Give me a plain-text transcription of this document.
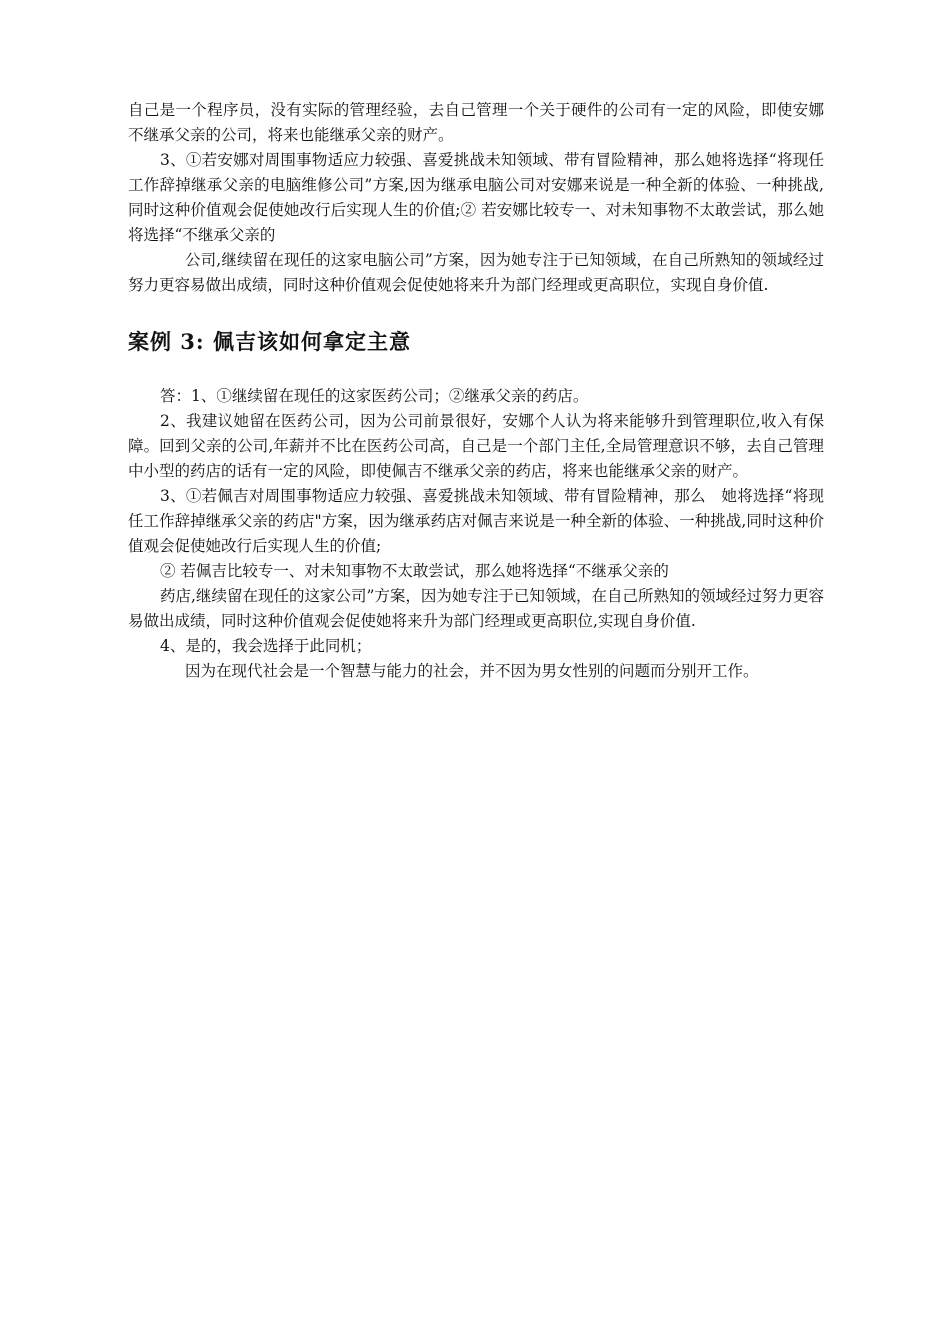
自己是一个程序员，没有实际的管理经验，去自己管理一个关于硬件的公司有一定的风险，即使安娜不继承父亲的公司，将来也能继承父亲的财产。

3、①若安娜对周围事物适应力较强、喜爱挑战未知领域、带有冒险精神，那么她将选择“将现任工作辞掉继承父亲的电脑维修公司”方案,因为继承电脑公司对安娜来说是一种全新的体验、一种挑战,同时这种价值观会促使她改行后实现人生的价值;② 若安娜比较专一、对未知事物不太敢尝试，那么她将选择“不继承父亲的

公司,继续留在现任的这家电脑公司”方案，因为她专注于已知领域，在自己所熟知的领域经过努力更容易做出成绩，同时这种价值观会促使她将来升为部门经理或更高职位，实现自身价值.

案例 3: 佩吉该如何拿定主意

答：1、①继续留在现任的这家医药公司；②继承父亲的药店。

2、我建议她留在医药公司，因为公司前景很好，安娜个人认为将来能够升到管理职位,收入有保障。回到父亲的公司,年薪并不比在医药公司高，自己是一个部门主任,全局管理意识不够，去自己管理中小型的药店的话有一定的风险，即使佩吉不继承父亲的药店，将来也能继承父亲的财产。

3、①若佩吉对周围事物适应力较强、喜爱挑战未知领域、带有冒险精神，那么　她将选择“将现任工作辞掉继承父亲的药店"方案，因为继承药店对佩吉来说是一种全新的体验、一种挑战,同时这种价值观会促使她改行后实现人生的价值;

② 若佩吉比较专一、对未知事物不太敢尝试，那么她将选择“不继承父亲的

药店,继续留在现任的这家公司”方案，因为她专注于已知领域，在自己所熟知的领域经过努力更容易做出成绩，同时这种价值观会促使她将来升为部门经理或更高职位,实现自身价值.

4、是的，我会选择于此同机；

因为在现代社会是一个智慧与能力的社会，并不因为男女性别的问题而分别开工作。
